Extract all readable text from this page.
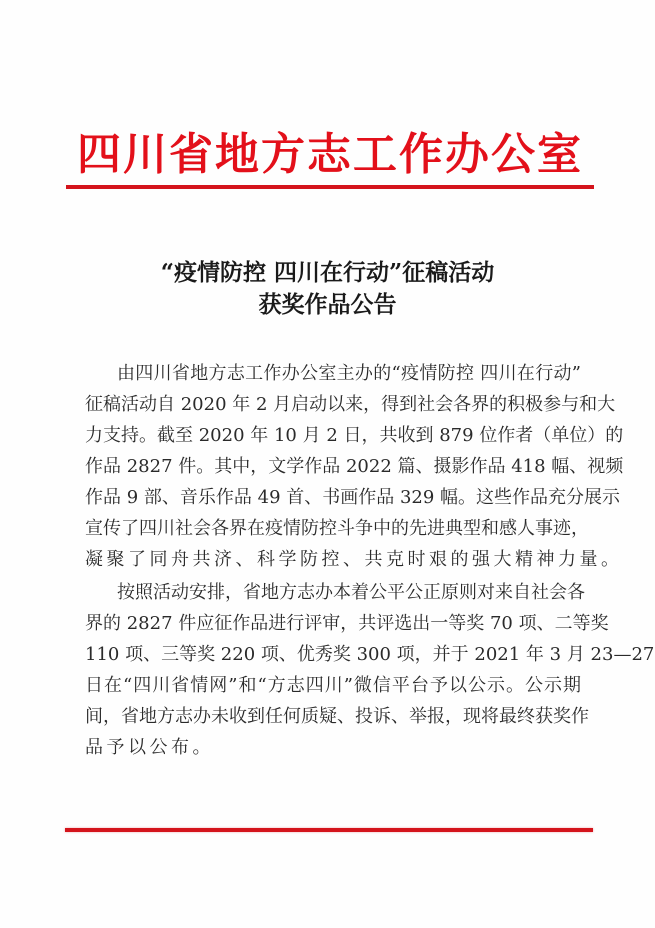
四川省地方志工作办公室
“疫情防控 四川在行动”征稿活动
获奖作品公告
由四川省地方志工作办公室主办的“疫情防控 四川在行动”
征稿活动自 2020 年 2 月启动以来，得到社会各界的积极参与和大
力支持。截至 2020 年 10 月 2 日，共收到 879 位作者（单位）的
作品 2827 件。其中，文学作品 2022 篇、摄影作品 418 幅、视频
作品 9 部、音乐作品 49 首、书画作品 329 幅。这些作品充分展示
宣传了四川社会各界在疫情防控斗争中的先进典型和感人事迹，
凝聚了同舟共济、科学防控、共克时艰的强大精神力量。
按照活动安排，省地方志办本着公平公正原则对来自社会各
界的 2827 件应征作品进行评审，共评选出一等奖 70 项、二等奖
110 项、三等奖 220 项、优秀奖 300 项，并于 2021 年 3 月 23—27
日在“四川省情网”和“方志四川”微信平台予以公示。公示期
间，省地方志办未收到任何质疑、投诉、举报，现将最终获奖作
品予以公布。
